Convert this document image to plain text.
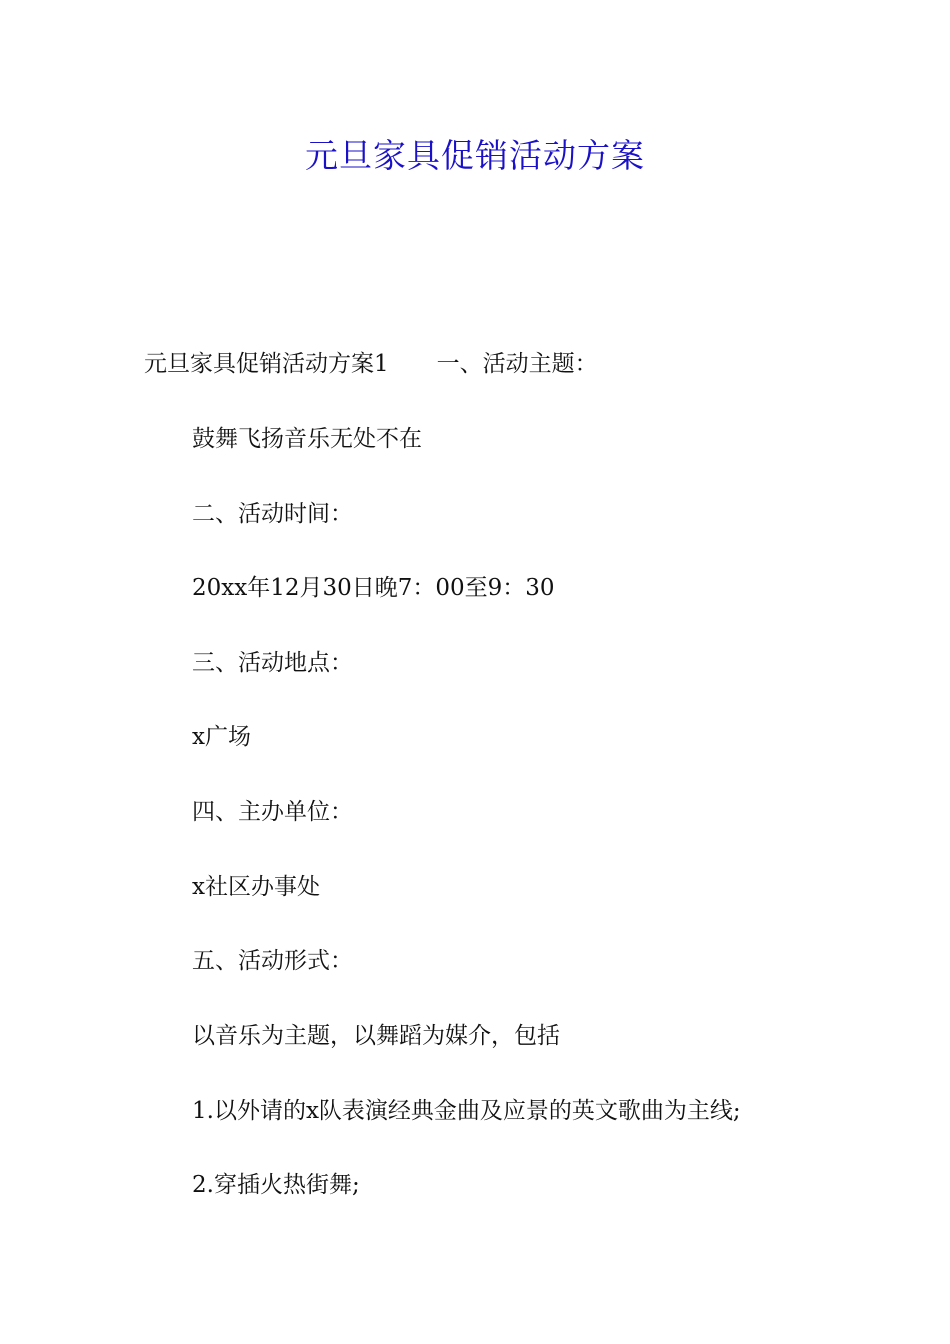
元旦家具促销活动方案

元旦家具促销活动方案1 一、活动主题：

鼓舞飞扬音乐无处不在

二、活动时间：

20xx年12月30日晚7：00至9：30

三、活动地点：

x广场

四、主办单位：

x社区办事处

五、活动形式：

以音乐为主题，以舞蹈为媒介，包括

1.以外请的x队表演经典金曲及应景的英文歌曲为主线;

2.穿插火热街舞;
